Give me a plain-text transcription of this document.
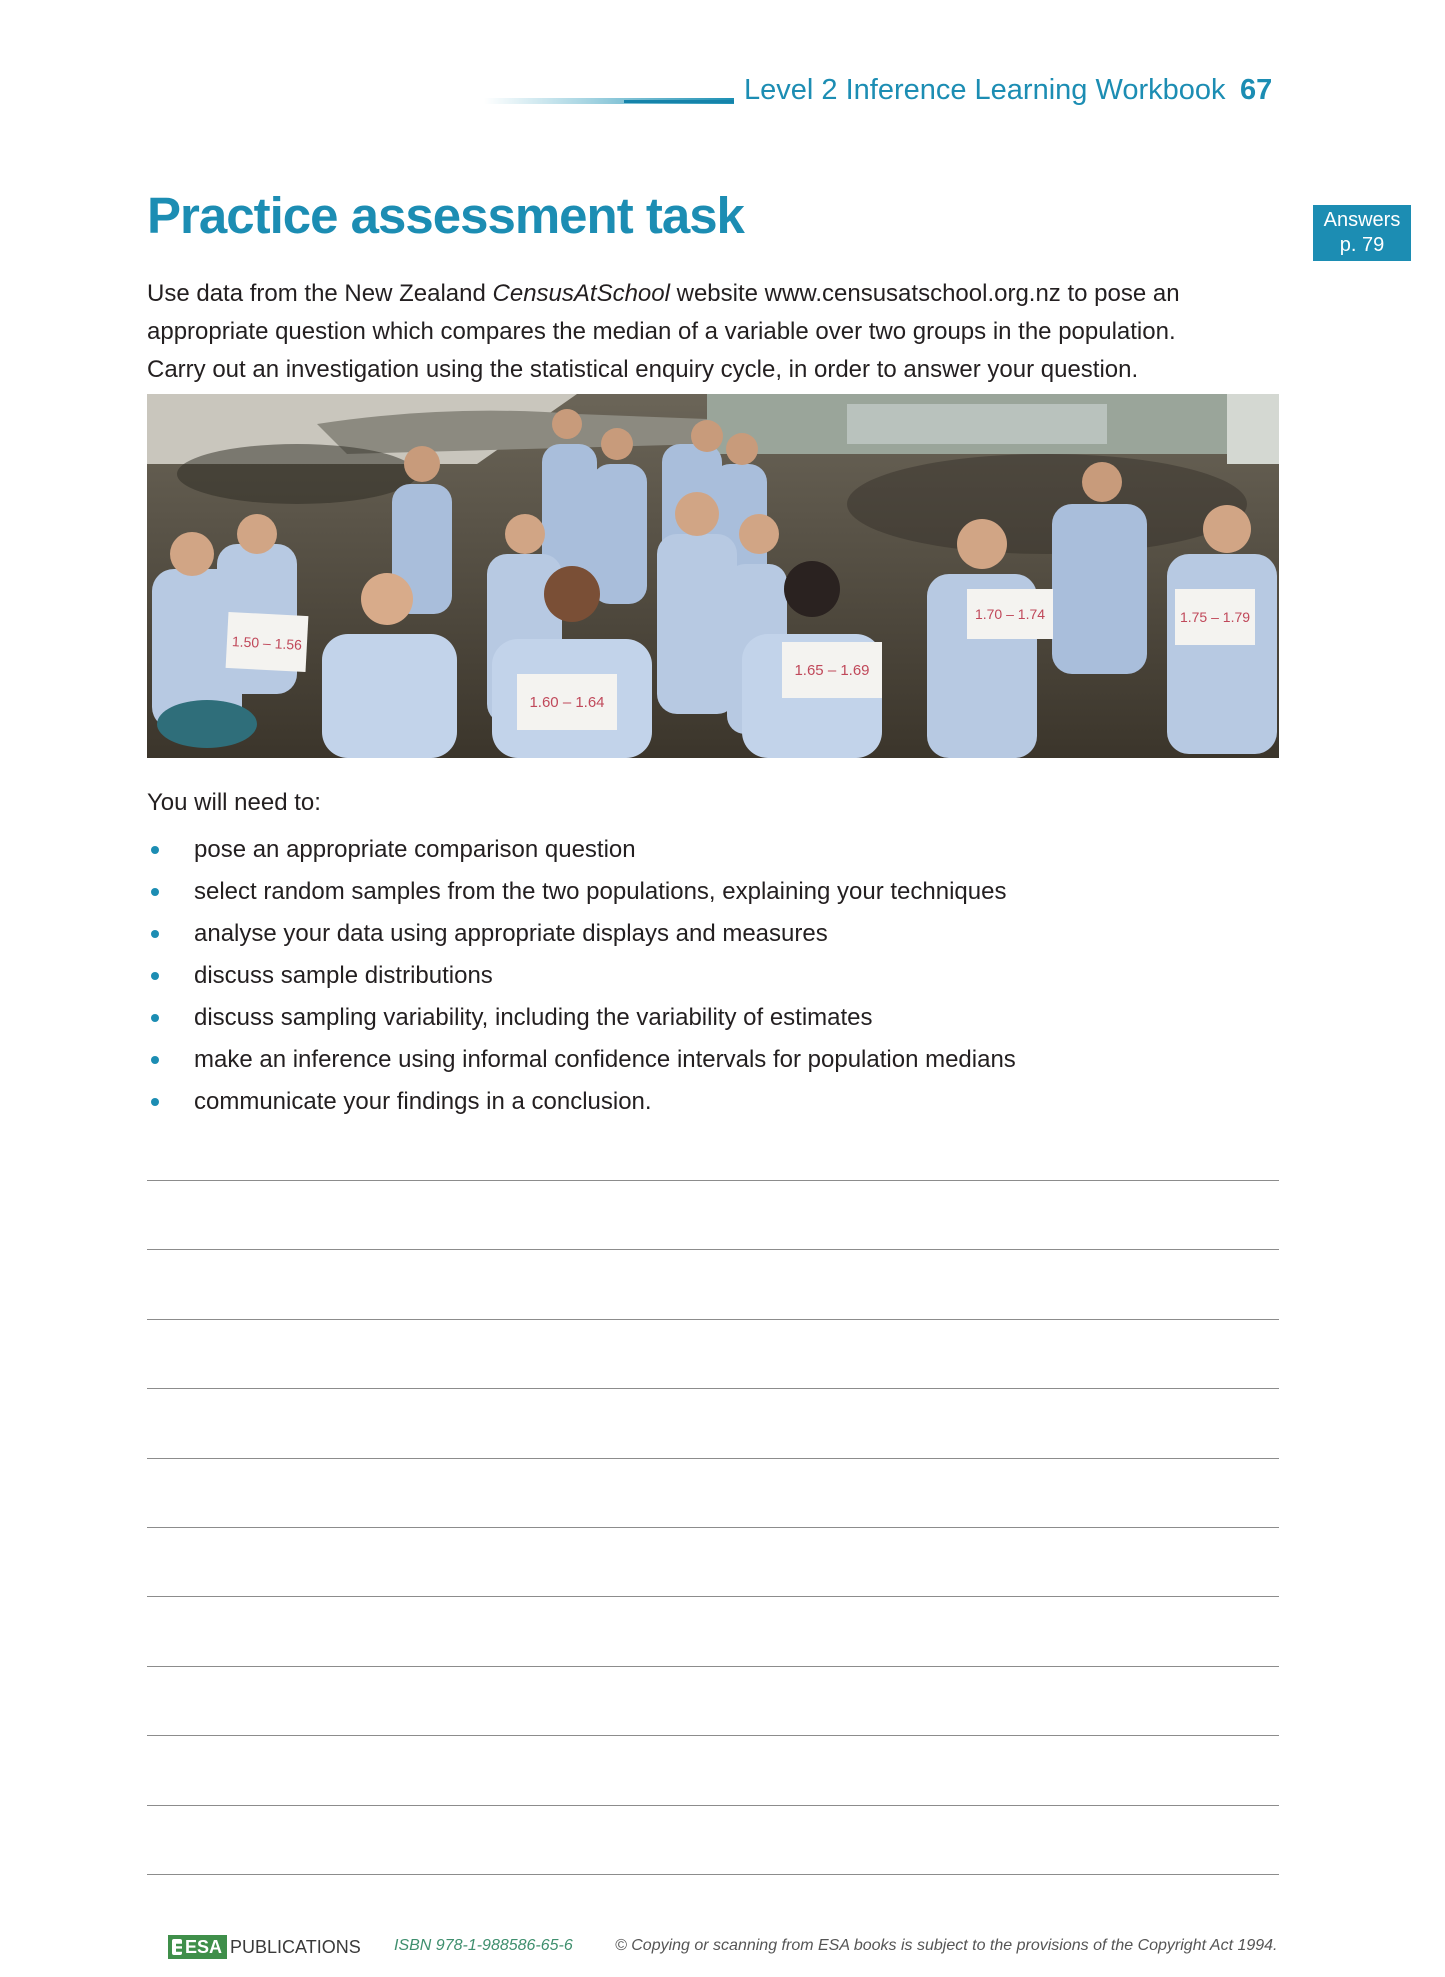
Level 2 Inference Learning Workbook 67
Answers
p. 79
Practice assessment task

Use data from the New Zealand CensusAtSchool website www.censusatschool.org.nz to pose an

appropriate question which compares the median of a variable over two groups in the population.

Carry out an investigation using the statistical enquiry cycle, in order to answer your question.

1.50 – 1.56
1.60 – 1.64
1.65 – 1.69
1.70 – 1.74	1.75 – 1.79
You will need to:
pose an appropriate comparison question
select random samples from the two populations, explaining your techniques
analyse your data using appropriate displays and measures
discuss sample distributions
discuss sampling variability, including the variability of estimates
make an inference using informal confidence intervals for population medians
communicate your findings in a conclusion.
ESA PUBLICATIONS ISBN 978-1-988586-65-6	© Copying or scanning from ESA books is subject to the provisions of the Copyright Act 1994.
